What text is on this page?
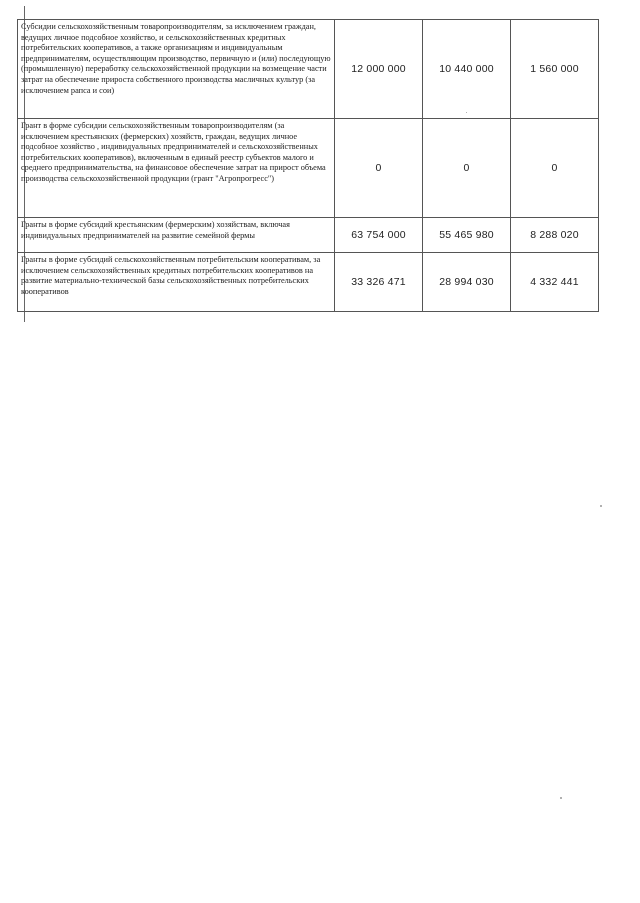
Субсидии сельскохозяйственным товаропроизводителям, за исключением граждан, ведущих личное подсобное хозяйство, и сельскохозяйственных кредитных потребительских кооперативов, а также организациям и индивидуальным предпринимателям, осуществляющим производство, первичную и (или) последующую (промышленную) переработку сельскохозяйственной продукции на возмещение части затрат на обеспечение прироста собственного производства масличных культур (за исключением рапса и сои)	12 000 000	10 440 000	1 560 000

Грант в форме субсидии сельскохозяйственным товаропроизводителям (за исключением крестьянских (фермерских) хозяйств, граждан, ведущих личное подсобное хозяйство , индивидуальных предпринимателей и сельскохозяйственных потребительских кооперативов), включенным в единый реестр субъектов малого и среднего предпринимательства, на финансовое обеспечение затрат на прирост объема производства сельскохозяйственной продукции (грант "Агропрогресс")	0	0	0

Гранты в форме субсидий крестьянским (фермерским) хозяйствам, включая индивидуальных предпринимателей на развитие семейной фермы	63 754 000	55 465 980	8 288 020

Гранты в форме субсидий сельскохозяйственным потребительским кооперативам, за исключением сельскохозяйственных кредитных потребительских кооперативов на развитие материально-технической базы сельскохозяйственных потребительских кооперативов	33 326 471	28 994 030	4 332 441
